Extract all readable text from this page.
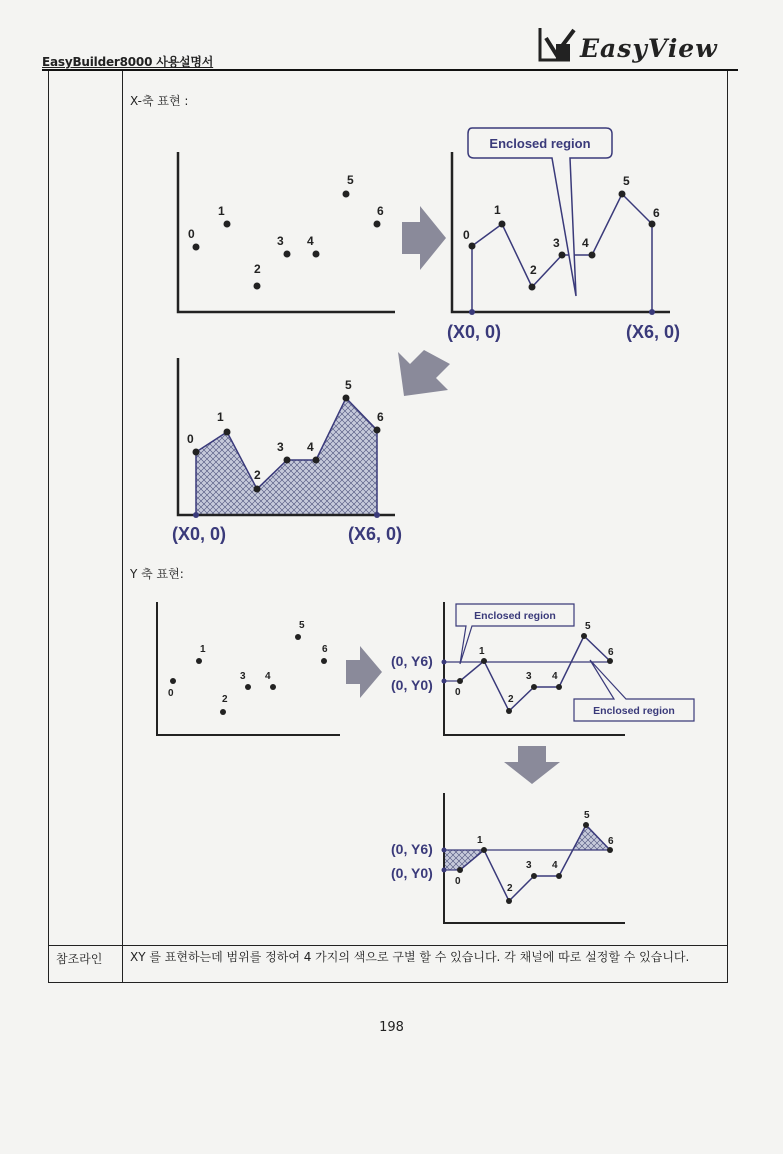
EasyBuilder8000 사용설명서	EasyView
X-축 표현 :
Y 축 표현:
0
1
2
3 4
5
6
0
1
2
3 4
5
6
Enclosed region
(X0, 0)	(X6, 0)
0
1
2
3 4
5
6
(X0, 0)	(X6, 0)
0
1
2
3 4
5
6
0
1
2
3 4
5
6
Enclosed region
Enclosed region
(0, Y6)
(0, Y0)
0
1
2
3 4
5
6
(0, Y6)
(0, Y0)
참조라인 XY 를 표현하는데 범위를 정하여 4 가지의 색으로 구별 할 수 있습니다. 각 채널에 따로 설정할 수 있습니다.
198
